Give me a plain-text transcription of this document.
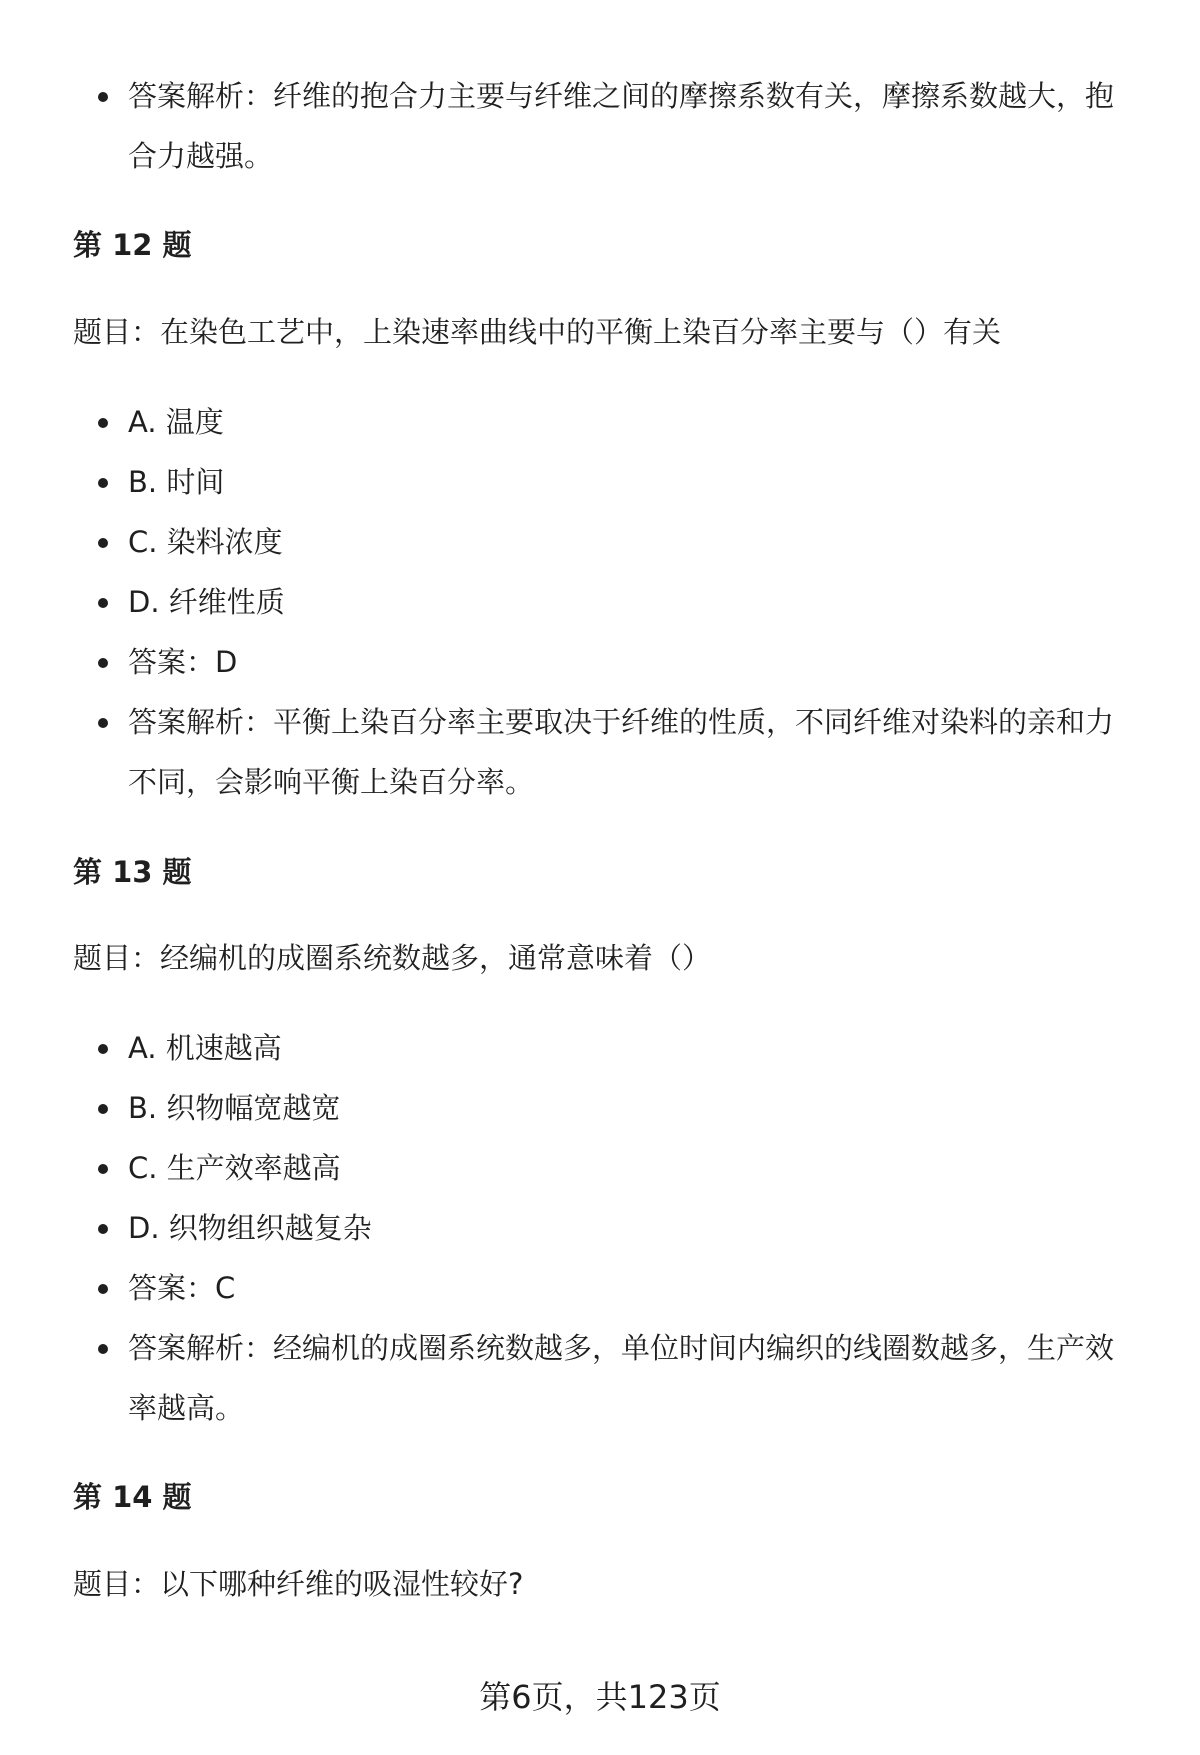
答案解析：纤维的抱合力主要与纤维之间的摩擦系数有关，摩擦系数越大，抱合力越强。
第 12 题

题目：在染色工艺中，上染速率曲线中的平衡上染百分率主要与（）有关

A. 温度
B. 时间
C. 染料浓度
D. 纤维性质
答案：D
答案解析：平衡上染百分率主要取决于纤维的性质，不同纤维对染料的亲和力不同，会影响平衡上染百分率。
第 13 题

题目：经编机的成圈系统数越多，通常意味着（）

A. 机速越高
B. 织物幅宽越宽
C. 生产效率越高
D. 织物组织越复杂
答案：C
答案解析：经编机的成圈系统数越多，单位时间内编织的线圈数越多，生产效率越高。
第 14 题

题目：以下哪种纤维的吸湿性较好?

第6页，共123页
